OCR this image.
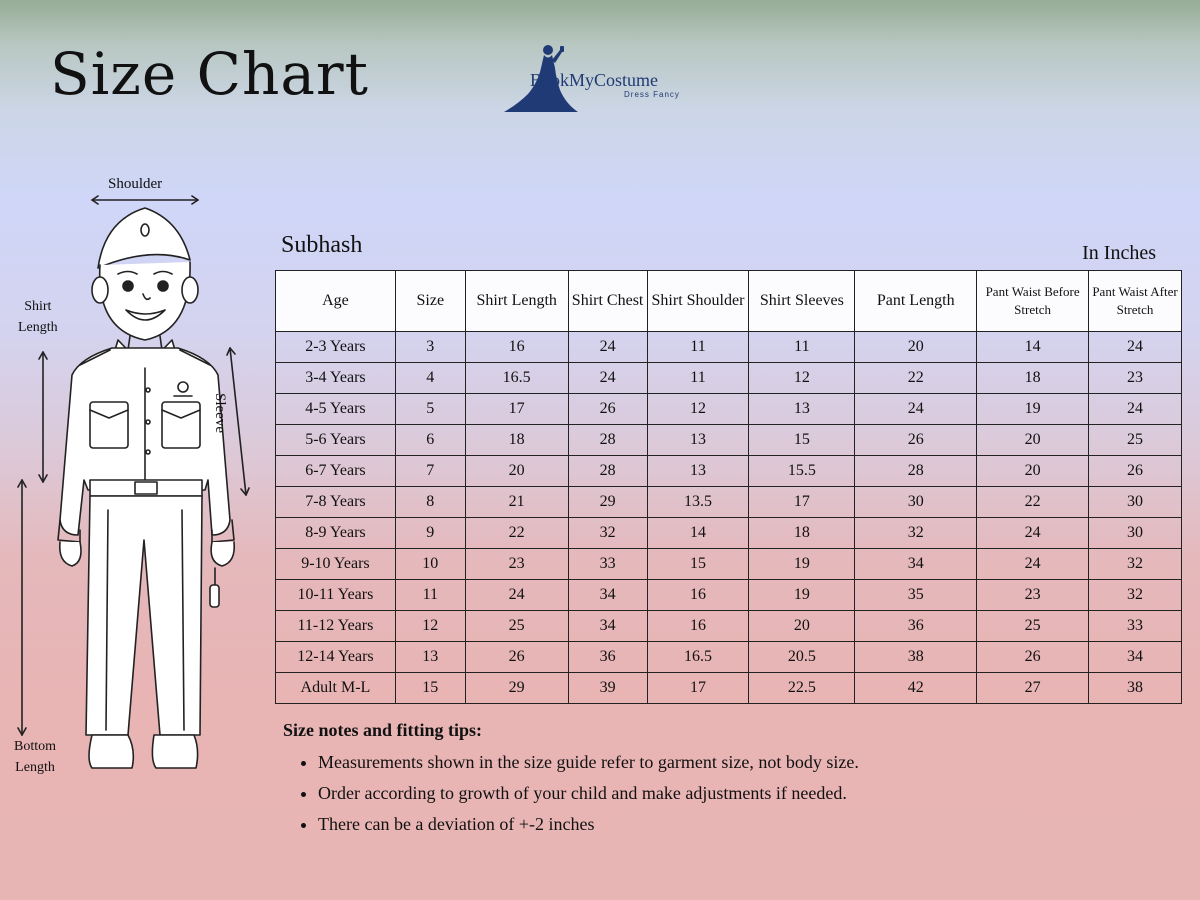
Size Chart	BookMyCostume
Dress Fancy
Shoulder
Shirt
Length
Sleeve
Bottom
Length
Subhash	In Inches
Age	Size	Shirt Length	Shirt Chest	Shirt Shoulder	Shirt Sleeves	Pant Length	Pant Waist Before Stretch	Pant Waist After Stretch
2-3 Years	3	16	24	11	11	20	14	24
3-4 Years	4	16.5	24	11	12	22	18	23
4-5 Years	5	17	26	12	13	24	19	24
5-6 Years	6	18	28	13	15	26	20	25
6-7 Years	7	20	28	13	15.5	28	20	26
7-8 Years	8	21	29	13.5	17	30	22	30
8-9 Years	9	22	32	14	18	32	24	30
9-10 Years	10	23	33	15	19	34	24	32
10-11 Years	11	24	34	16	19	35	23	32
11-12 Years	12	25	34	16	20	36	25	33
12-14 Years	13	26	36	16.5	20.5	38	26	34
Adult M-L	15	29	39	17	22.5	42	27	38
Size notes and fitting tips:
• Measurements shown in the size guide refer to garment size, not body size.
• Order according to growth of your child and make adjustments if needed.
• There can be a deviation of +-2 inches
